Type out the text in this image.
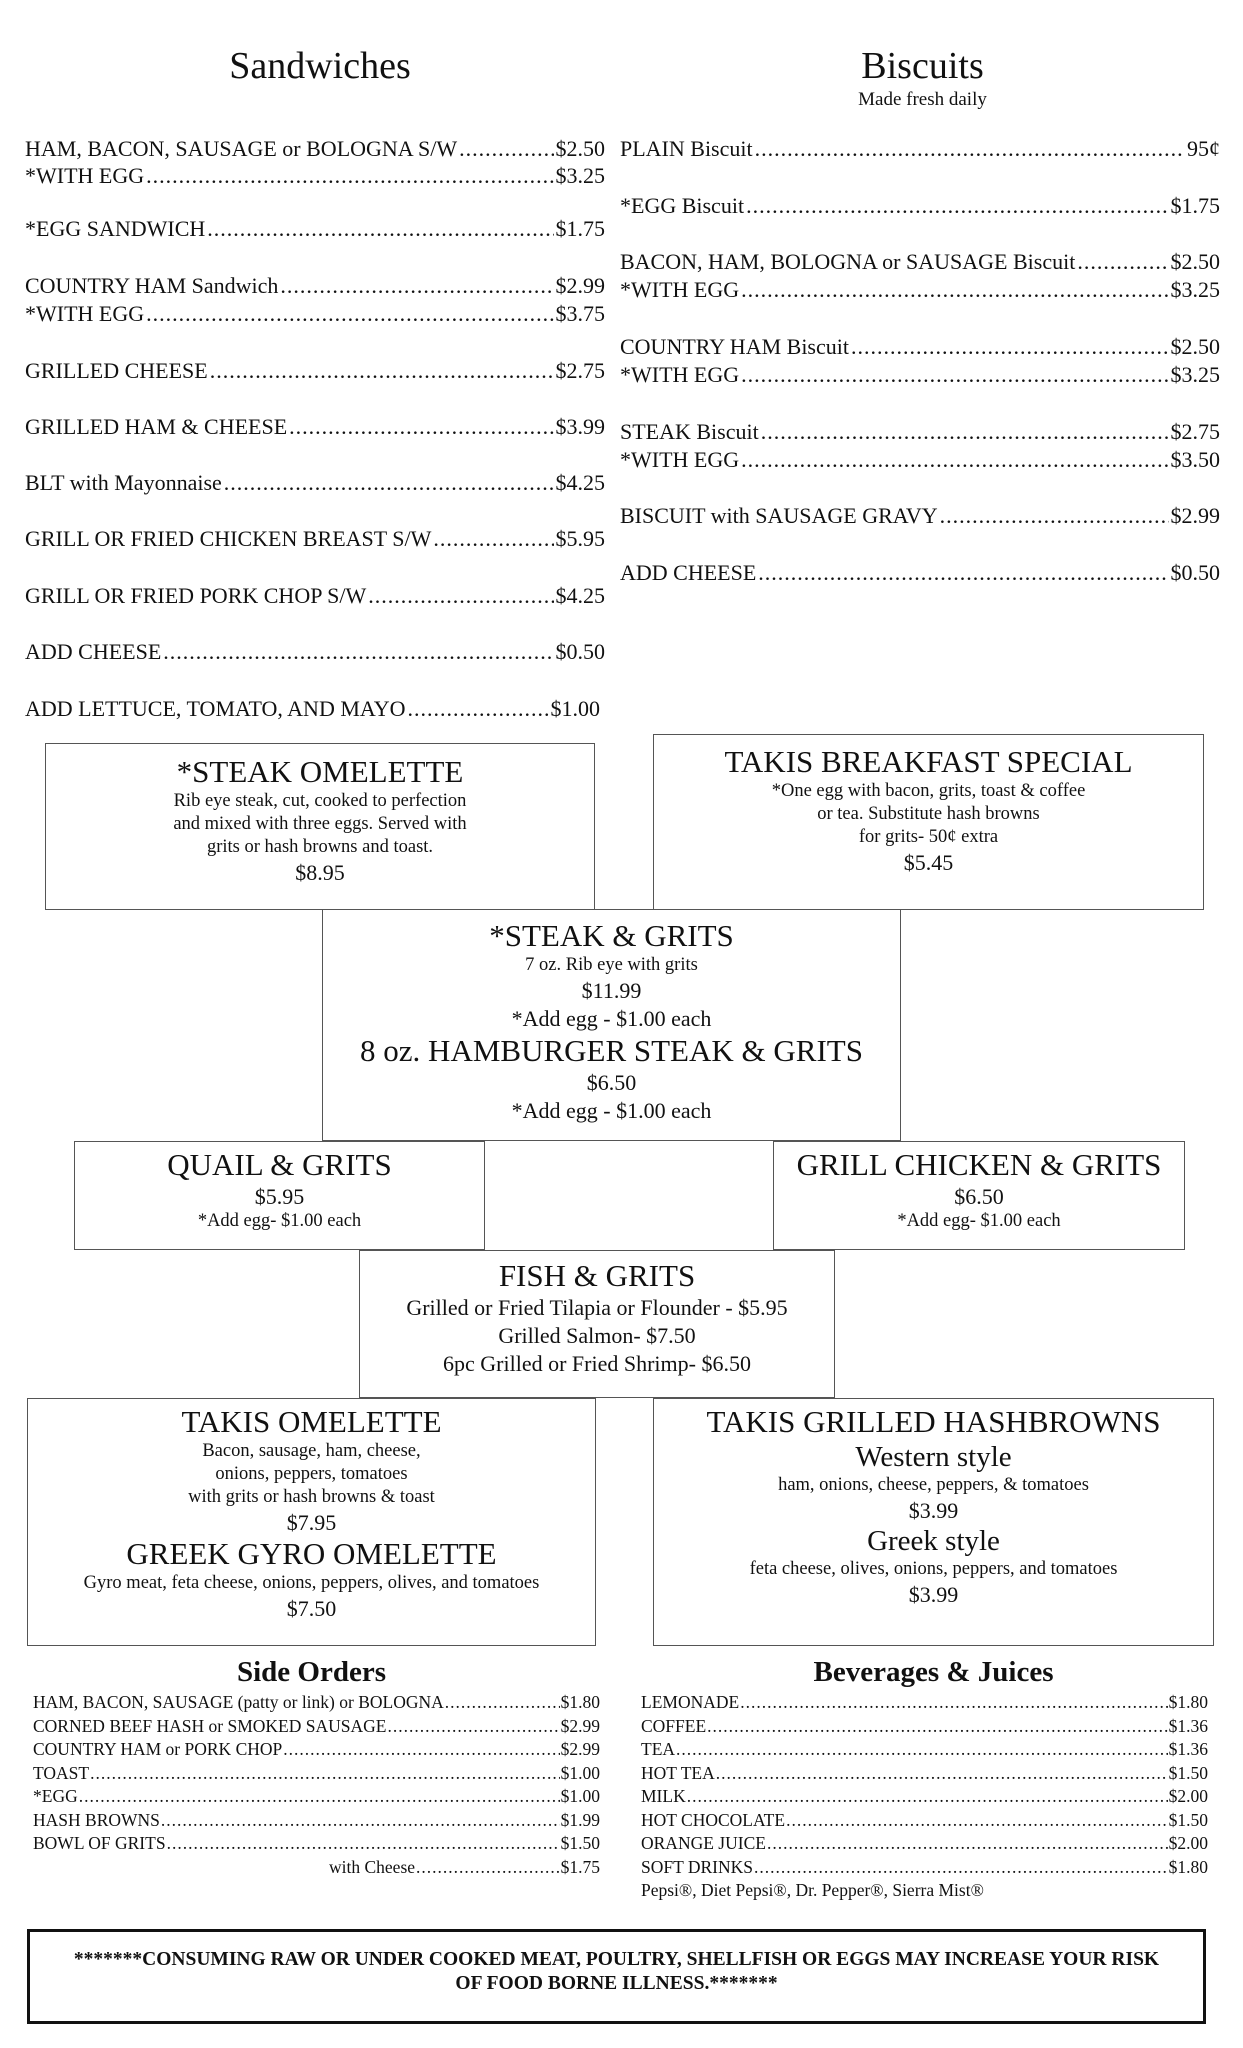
Sandwiches	Biscuits
Made fresh daily
HAM, BACON, SAUSAGE or BOLOGNA S/W .....	$2.50
*WITH EGG .....	$3.25
*EGG SANDWICH .....	$1.75
COUNTRY HAM Sandwich .....	$2.99
*WITH EGG .....	$3.75
GRILLED CHEESE .....	$2.75
GRILLED HAM & CHEESE .....	$3.99
BLT with Mayonnaise .....	$4.25
GRILL OR FRIED CHICKEN BREAST S/W .....	$5.95
GRILL OR FRIED PORK CHOP S/W .....	$4.25
ADD CHEESE .....	$0.50
ADD LETTUCE, TOMATO, AND MAYO .....	$1.00
PLAIN Biscuit .....	95¢
*EGG Biscuit .....	$1.75
BACON, HAM, BOLOGNA or SAUSAGE Biscuit .....	$2.50
*WITH EGG .....	$3.25
COUNTRY HAM Biscuit .....	$2.50
*WITH EGG .....	$3.25
STEAK Biscuit .....	$2.75
*WITH EGG .....	$3.50
BISCUIT with SAUSAGE GRAVY .....	$2.99
ADD CHEESE .....	$0.50
*STEAK OMELETTE
Rib eye steak, cut, cooked to perfection
and mixed with three eggs. Served with
grits or hash browns and toast.
$8.95
TAKIS BREAKFAST SPECIAL
*One egg with bacon, grits, toast & coffee
or tea. Substitute hash browns
for grits- 50¢ extra
$5.45
*STEAK & GRITS
7 oz. Rib eye with grits
$11.99
*Add egg - $1.00 each
8 oz. HAMBURGER STEAK & GRITS
$6.50
*Add egg - $1.00 each
QUAIL & GRITS
$5.95
*Add egg- $1.00 each
GRILL CHICKEN & GRITS
$6.50
*Add egg- $1.00 each
FISH & GRITS
Grilled or Fried Tilapia or Flounder - $5.95
Grilled Salmon- $7.50
6pc Grilled or Fried Shrimp- $6.50
TAKIS OMELETTE
Bacon, sausage, ham, cheese,
onions, peppers, tomatoes
with grits or hash browns & toast
$7.95
GREEK GYRO OMELETTE
Gyro meat, feta cheese, onions, peppers, olives, and tomatoes
$7.50
TAKIS GRILLED HASHBROWNS
Western style
ham, onions, cheese, peppers, & tomatoes
$3.99
Greek style
feta cheese, olives, onions, peppers, and tomatoes
$3.99
Side Orders
HAM, BACON, SAUSAGE (patty or link) or BOLOGNA .....	$1.80
CORNED BEEF HASH or SMOKED SAUSAGE .....	$2.99
COUNTRY HAM or PORK CHOP .....	$2.99
TOAST .....	$1.00
*EGG .....	$1.00
HASH BROWNS .....	$1.99
BOWL OF GRITS .....	$1.50
with Cheese .....	$1.75
Beverages & Juices
LEMONADE .....	$1.80
COFFEE .....	$1.36
TEA .....	$1.36
HOT TEA .....	$1.50
MILK .....	$2.00
HOT CHOCOLATE .....	$1.50
ORANGE JUICE .....	$2.00
SOFT DRINKS .....	$1.80
Pepsi®, Diet Pepsi®, Dr. Pepper®, Sierra Mist®
*******CONSUMING RAW OR UNDER COOKED MEAT, POULTRY, SHELLFISH OR EGGS MAY INCREASE YOUR RISK
OF FOOD BORNE ILLNESS.*******
